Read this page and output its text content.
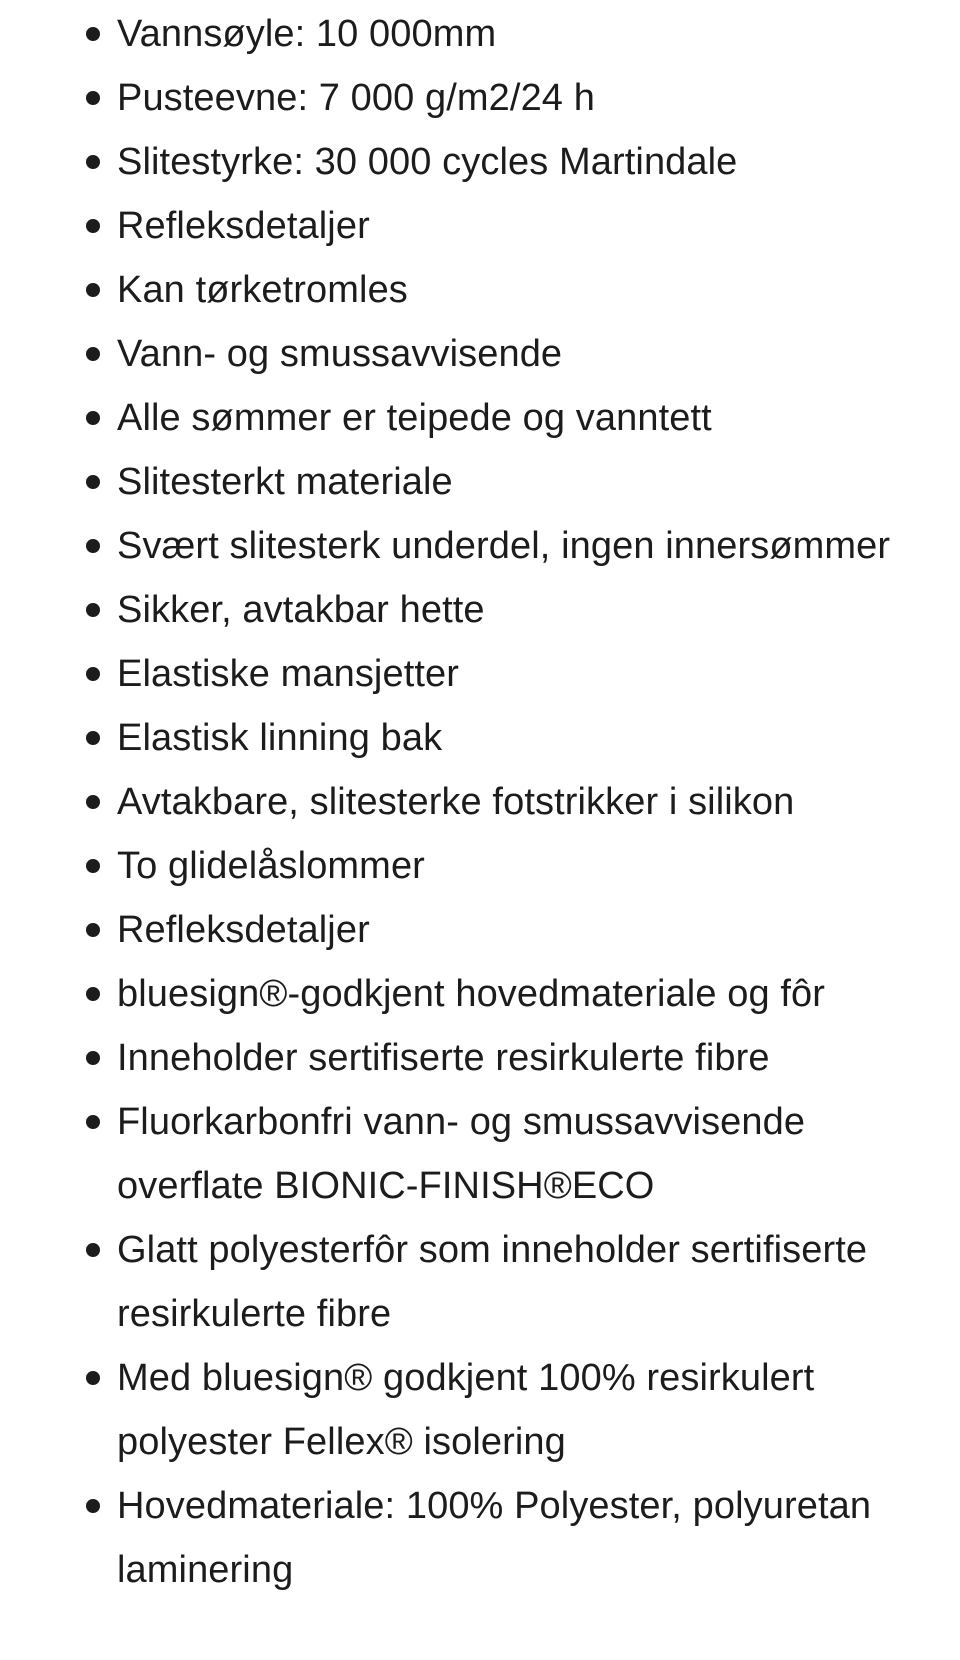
Vannsøyle: 10 000mm
Pusteevne: 7 000 g/m2/24 h
Slitestyrke: 30 000 cycles Martindale
Refleksdetaljer
Kan tørketromles
Vann- og smussavvisende
Alle sømmer er teipede og vanntett
Slitesterkt materiale
Svært slitesterk underdel, ingen innersømmer
Sikker, avtakbar hette
Elastiske mansjetter
Elastisk linning bak
Avtakbare, slitesterke fotstrikker i silikon
To glidelåslommer
Refleksdetaljer
bluesign®-godkjent hovedmateriale og fôr
Inneholder sertifiserte resirkulerte fibre
Fluorkarbonfri vann- og smussavvisende overflate BIONIC-FINISH®ECO
Glatt polyesterfôr som inneholder sertifiserte resirkulerte fibre
Med bluesign® godkjent 100% resirkulert polyester Fellex® isolering
Hovedmateriale: 100% Polyester, polyuretan laminering
